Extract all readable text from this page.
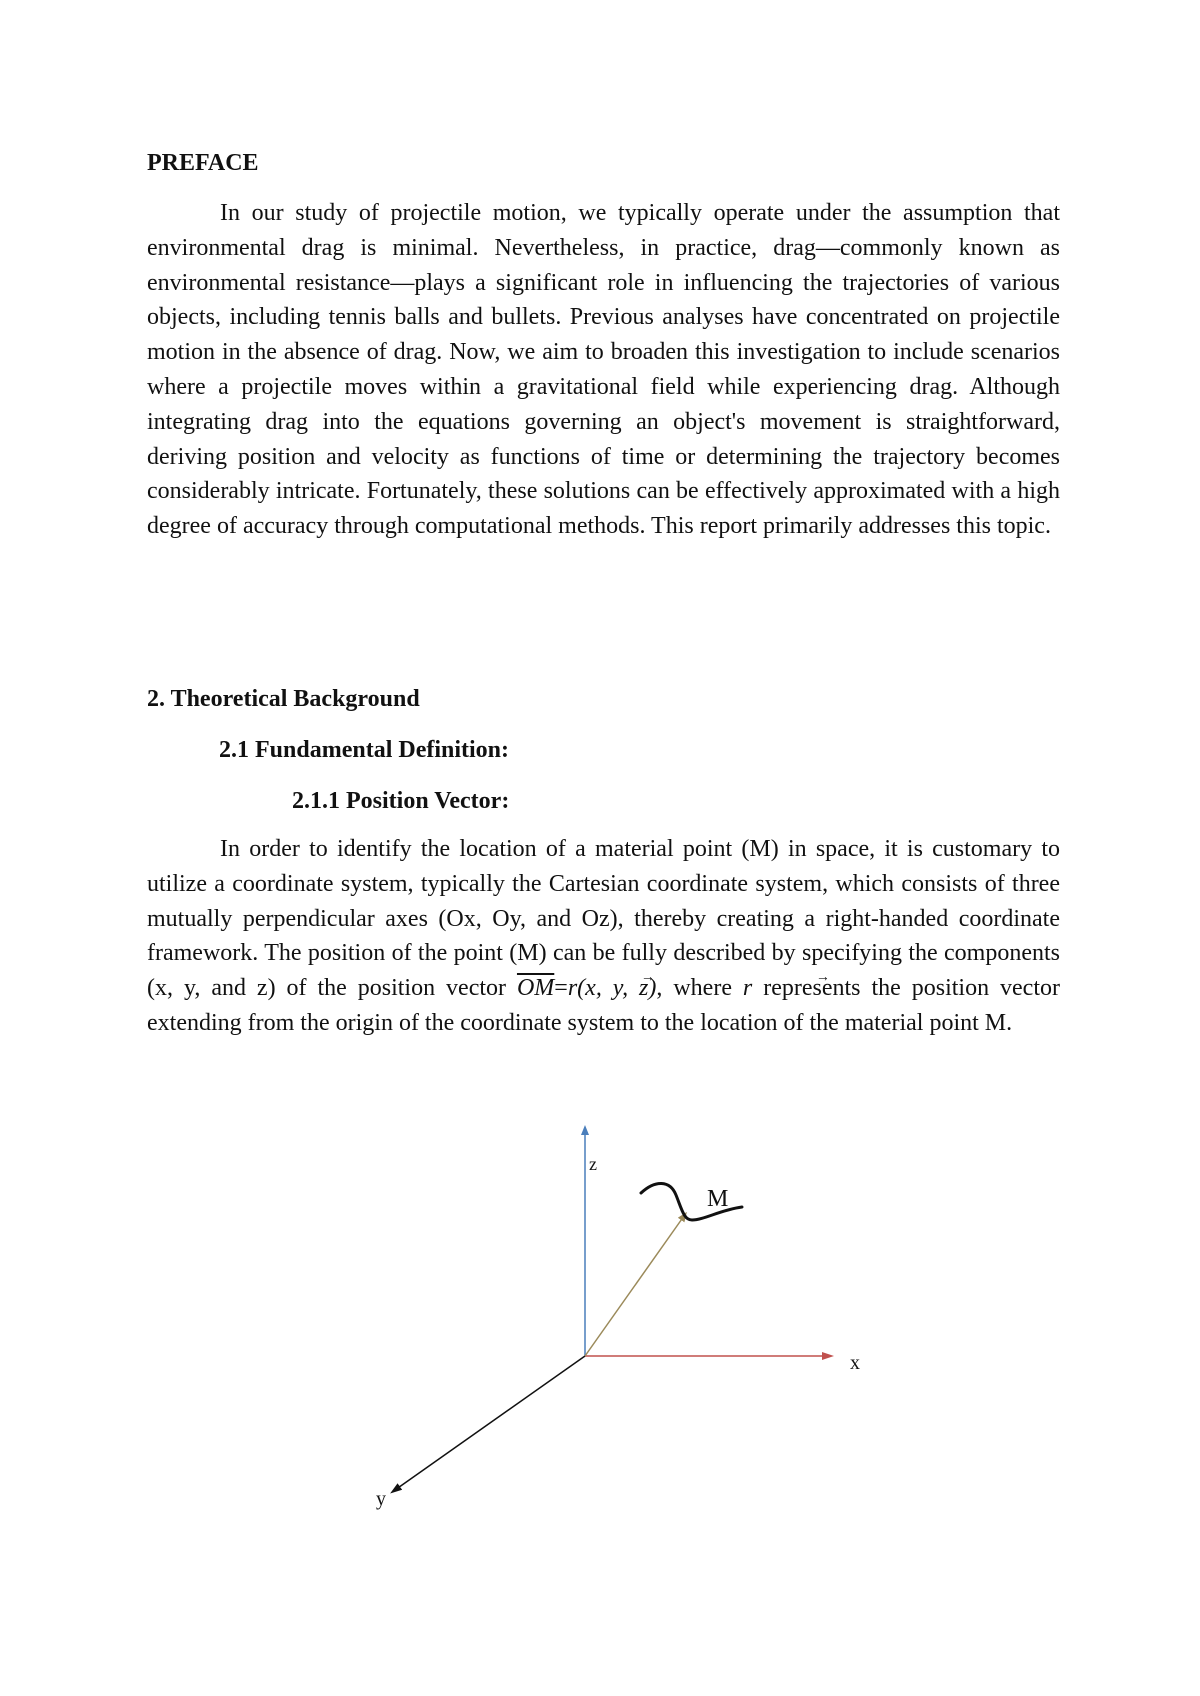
PREFACE

In our study of projectile motion, we typically operate under the assumption that environmental drag is minimal. Nevertheless, in practice, drag—commonly known as environmental resistance—plays a significant role in influencing the trajectories of various objects, including tennis balls and bullets. Previous analyses have concentrated on projectile motion in the absence of drag. Now, we aim to broaden this investigation to include scenarios where a projectile moves within a gravitational field while experiencing drag. Although integrating drag into the equations governing an object's movement is straightforward, deriving position and velocity as functions of time or determining the trajectory becomes considerably intricate. Fortunately, these solutions can be effectively approximated with a high degree of accuracy through computational methods. This report primarily addresses this topic.

2. Theoretical Background
2.1 Fundamental Definition:
2.1.1 Position Vector:

In order to identify the location of a material point (M) in space, it is customary to utilize a coordinate system, typically the Cartesian coordinate system, which consists of three mutually perpendicular axes (Ox, Oy, and Oz), thereby creating a right-handed coordinate framework. The position of the point (M) can be fully described by specifying the components (x, y, and z) of the position vector $\overline{OM}=\to r(x$, y, z), where → r represents the position vector extending from the origin of the coordinate system to the location of the material point M.

z
x
y
M
